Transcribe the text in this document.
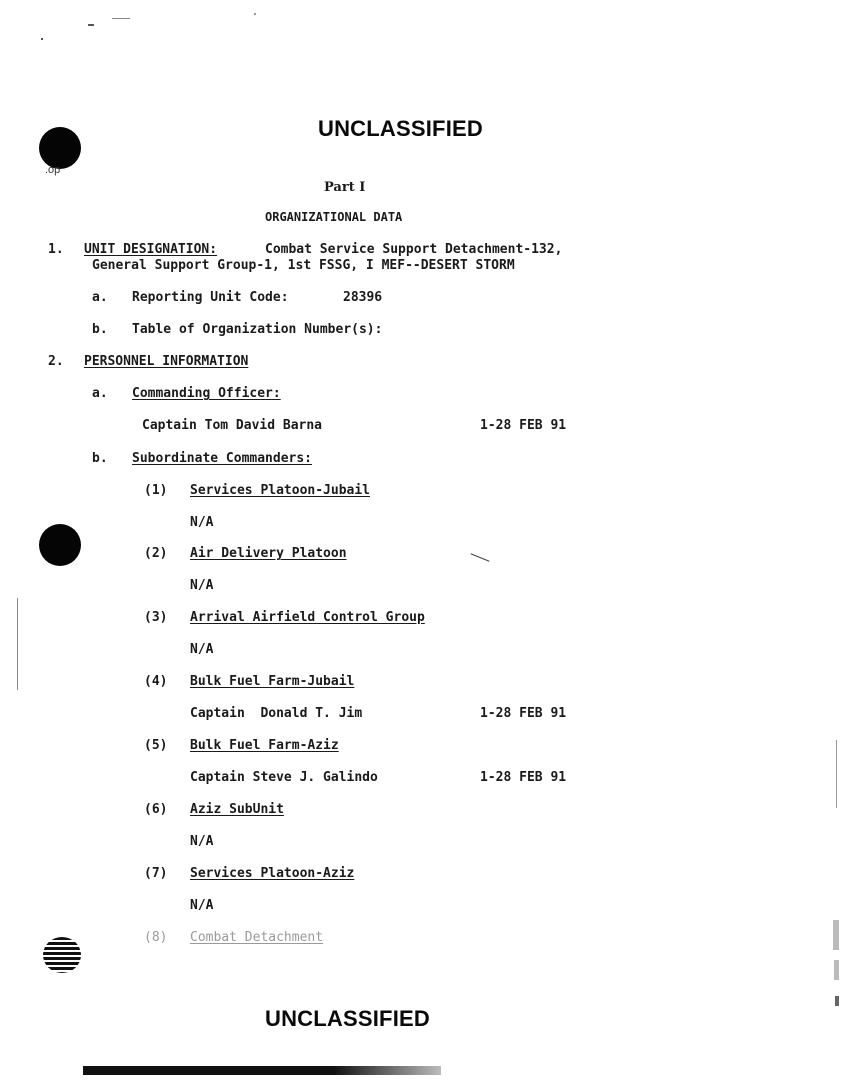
.op
UNCLASSIFIED
Part I
ORGANIZATIONAL DATA
1. UNIT DESIGNATION:	Combat Service Support Detachment-132,
General Support Group-1, 1st FSSG, I MEF--DESERT STORM
a. Reporting Unit Code:	28396
b. Table of Organization Number(s):
2. PERSONNEL INFORMATION
a. Commanding Officer:
Captain Tom David Barna	1-28 FEB 91
b. Subordinate Commanders:
(1) Services Platoon-Jubail
N/A
(2) Air Delivery Platoon
N/A
(3) Arrival Airfield Control Group
N/A
(4) Bulk Fuel Farm-Jubail
Captain  Donald T. Jim	1-28 FEB 91
(5) Bulk Fuel Farm-Aziz
Captain Steve J. Galindo	1-28 FEB 91
(6) Aziz SubUnit
N/A
(7) Services Platoon-Aziz
N/A
(8) Combat Detachment
UNCLASSIFIED
